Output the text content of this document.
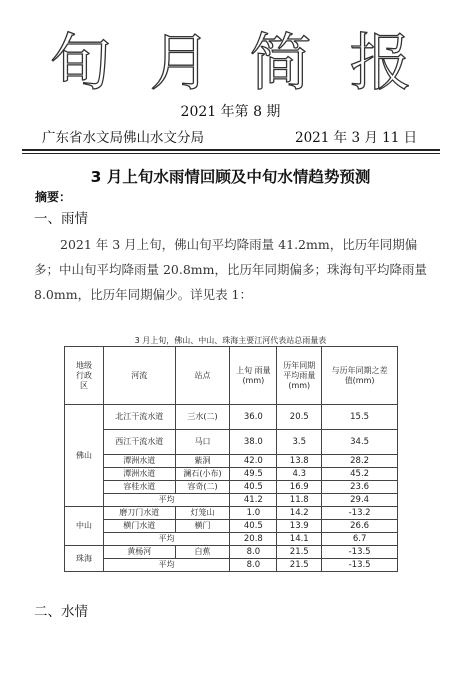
旬月简报
2021 年第 8 期
广东省水文局佛山水文分局	2021 年 3 月 11 日
3 月上旬水雨情回顾及中旬水情趋势预测
摘要：
一、雨情
2021 年 3 月上旬，佛山旬平均降雨量 41.2mm，比历年同期偏多；中山旬平均降雨量 20.8mm，比历年同期偏多；珠海旬平均降雨量 8.0mm，比历年同期偏少。详见表 1：
3 月上旬，佛山、中山、珠海主要江河代表站总雨量表
地级行政区	河流	站点	上旬 雨量(mm)	历年同期平均雨量(mm)	与历年同期之差值(mm)
佛山	北江干流水道	三水(二)	36.0	20.5	15.5
	西江干流水道	马口	38.0	3.5	34.5
	潭洲水道	紫洞	42.0	13.8	28.2
	潭洲水道	澜石(小布)	49.5	4.3	45.2
	容桂水道	容奇(二)	40.5	16.9	23.6
	平均		41.2	11.8	29.4
中山	磨刀门水道	灯笼山	1.0	14.2	-13.2
	横门水道	横门	40.5	13.9	26.6
	平均		20.8	14.1	6.7
珠海	黄杨河	白蕉	8.0	21.5	-13.5
	平均		8.0	21.5	-13.5
二、水情
